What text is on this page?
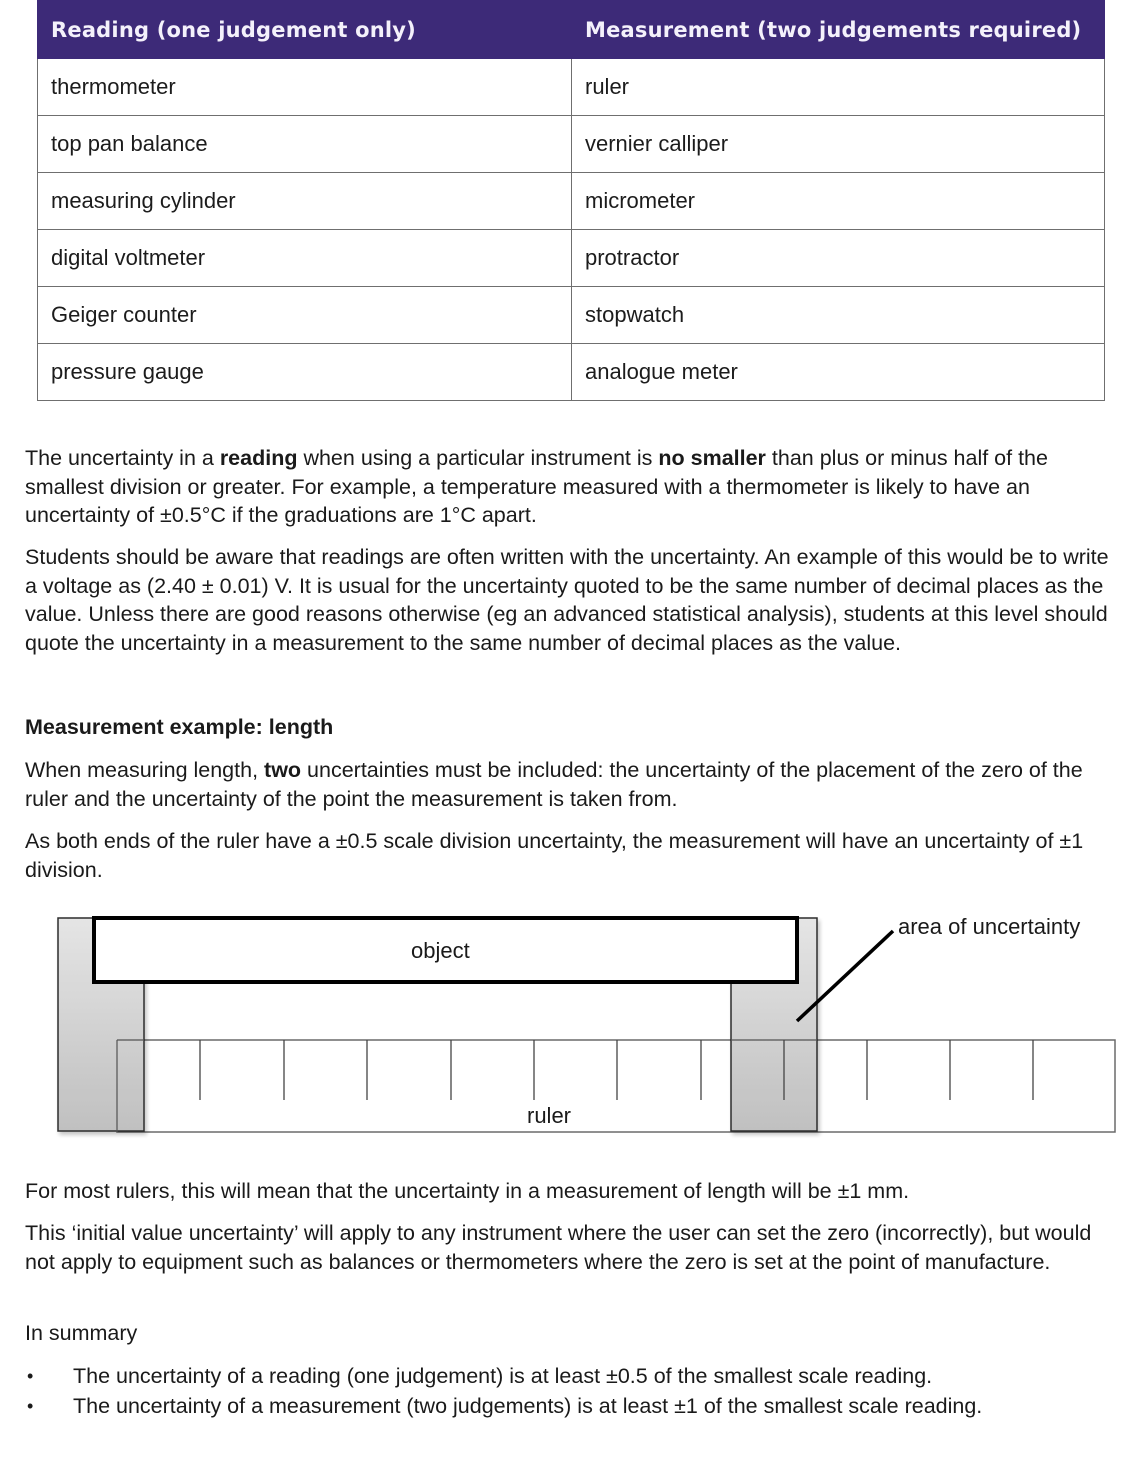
Reading (one judgement only)	Measurement (two judgements required)
thermometer	ruler
top pan balance	vernier calliper
measuring cylinder	micrometer
digital voltmeter	protractor
Geiger counter	stopwatch
pressure gauge	analogue meter

The uncertainty in a reading when using a particular instrument is no smaller than plus or minus half of the smallest division or greater. For example, a temperature measured with a thermometer is likely to have an uncertainty of ±0.5°C if the graduations are 1°C apart.

Students should be aware that readings are often written with the uncertainty. An example of this would be to write a voltage as (2.40 ± 0.01) V. It is usual for the uncertainty quoted to be the same number of decimal places as the value. Unless there are good reasons otherwise (eg an advanced statistical analysis), students at this level should quote the uncertainty in a measurement to the same number of decimal places as the value.

Measurement example: length

When measuring length, two uncertainties must be included: the uncertainty of the placement of the zero of the ruler and the uncertainty of the point the measurement is taken from.

As both ends of the ruler have a ±0.5 scale division uncertainty, the measurement will have an uncertainty of ±1 division.

object
ruler
area of uncertainty

For most rulers, this will mean that the uncertainty in a measurement of length will be ±1 mm.

This ‘initial value uncertainty’ will apply to any instrument where the user can set the zero (incorrectly), but would not apply to equipment such as balances or thermometers where the zero is set at the point of manufacture.

In summary

• The uncertainty of a reading (one judgement) is at least ±0.5 of the smallest scale reading.
• The uncertainty of a measurement (two judgements) is at least ±1 of the smallest scale reading.
